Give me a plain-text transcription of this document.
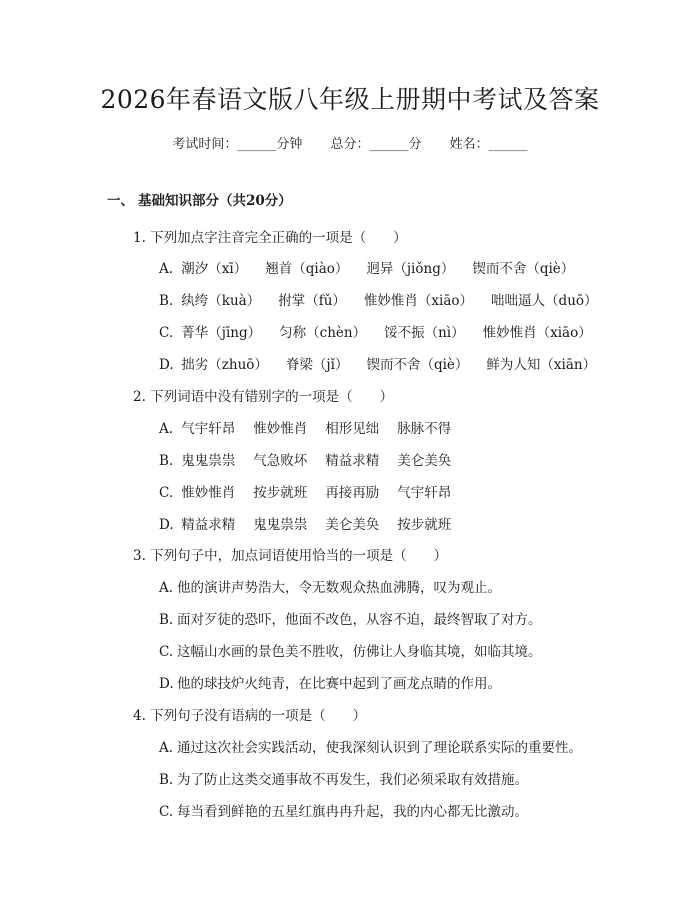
2026年春语文版八年级上册期中考试及答案
考试时间：______分钟 总分：______分 姓名：______
一、 基础知识部分（共20分）
1. 下列加点字注音完全正确的一项是（　　）
A. 潮汐（xī） 翘首（qiào） 迥异（jiǒng） 锲而不舍（qiè）
B. 纨绔（kuà） 拊掌（fǔ） 惟妙惟肖（xiāo） 咄咄逼人（duō）
C. 菁华（jīng） 匀称（chèn） 馁不振（nì） 惟妙惟肖（xiāo）
D. 拙劣（zhuō） 脊梁（jǐ） 锲而不舍（qiè） 鲜为人知（xiān）
2. 下列词语中没有错别字的一项是（　　）
A. 气宇轩昂 惟妙惟肖 相形见绌 脉脉不得
B. 鬼鬼祟祟 气急败坏 精益求精 美仑美奂
C. 惟妙惟肖 按步就班 再接再励 气宇轩昂
D. 精益求精 鬼鬼祟祟 美仑美奂 按步就班
3. 下列句子中，加点词语使用恰当的一项是（　　）
A. 他的演讲声势浩大，令无数观众热血沸腾，叹为观止。
B. 面对歹徒的恐吓，他面不改色，从容不迫，最终智取了对方。
C. 这幅山水画的景色美不胜收，仿佛让人身临其境，如临其境。
D. 他的球技炉火纯青，在比赛中起到了画龙点睛的作用。
4. 下列句子没有语病的一项是（　　）
A. 通过这次社会实践活动，使我深刻认识到了理论联系实际的重要性。
B. 为了防止这类交通事故不再发生，我们必须采取有效措施。
C. 每当看到鲜艳的五星红旗冉冉升起，我的内心都无比激动。
